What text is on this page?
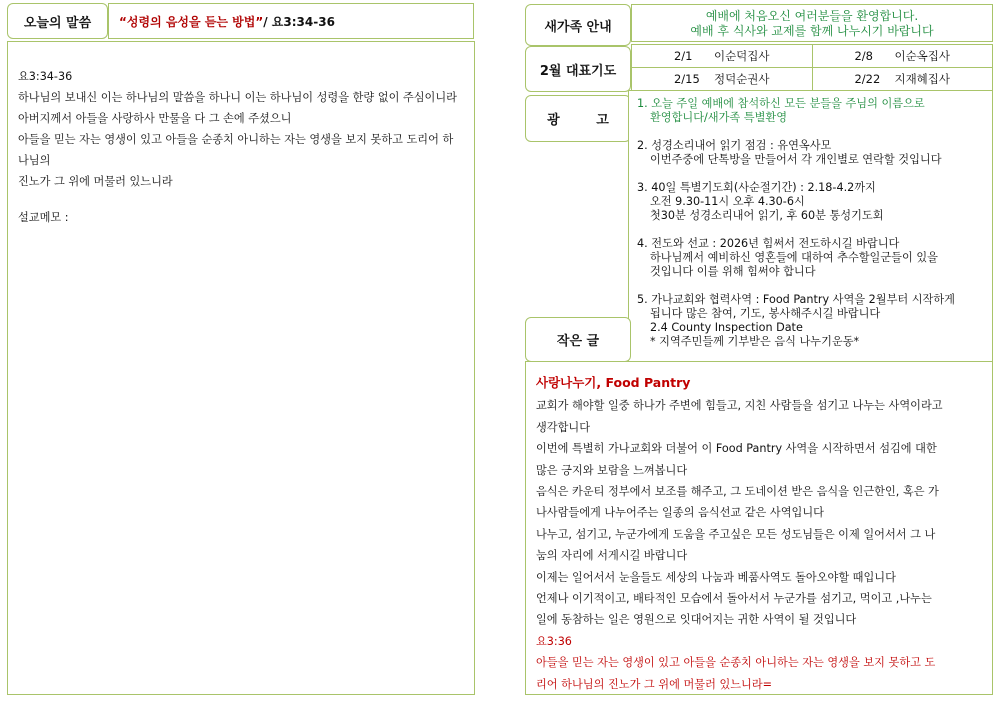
오늘의 말씀 “성령의 음성을 듣는 방법” / 요3:34-36
요3:34-36
하나님의 보내신 이는 하나님의 말씀을 하나니 이는 하나님이 성령을 한량 없이 주심이니라
아버지께서 아들을 사랑하사 만물을 다 그 손에 주셨으니
아들을 믿는 자는 영생이 있고 아들을 순종치 아니하는 자는 영생을 보지 못하고 도리어 하나님의
진노가 그 위에 머물러 있느니라
설교메모 :
새가족 안내
예배에 처음오신 여러분들을 환영합니다.
예배 후 식사와 교제를 함께 나누시기 바랍니다
2월 대표기도
2/1 이순덕집사	2/8 이순옥집사
2/15 정덕순권사	2/22 지재혜집사
광 고
1. 오늘 주일 예배에 참석하신 모든 분들을 주님의 이름으로
환영합니다/새가족 특별환영
2. 성경소리내어 읽기 점검 : 유연옥사모
이번주중에 단톡방을 만들어서 각 개인별로 연락할 것입니다
3. 40일 특별기도회(사순절기간) : 2.18-4.2까지
오전 9.30-11시 오후 4.30-6시
첫30분 성경소리내어 읽기, 후 60분 통성기도회
4. 전도와 선교 : 2026년 힘써서 전도하시길 바랍니다
하나님께서 예비하신 영혼들에 대하여 추수할일군들이 있을
것입니다 이를 위해 힘써야 합니다
5. 가나교회와 협력사역 : Food Pantry 사역을 2월부터 시작하게
됩니다 많은 참여, 기도, 봉사해주시길 바랍니다
2.4 County Inspection Date
* 지역주민들께 기부받은 음식 나누기운동*
작은 글
사랑나누기, Food Pantry
교회가 해야할 일중 하나가 주변에 힘들고, 지친 사람들을 섬기고 나누는 사역이라고
생각합니다
이번에 특별히 가나교회와 더불어 이 Food Pantry 사역을 시작하면서 섬김에 대한
많은 긍지와 보람을 느껴봅니다
음식은 카운티 정부에서 보조를 해주고, 그 도네이션 받은 음식을 인근한인, 혹은 가
나사람들에게 나누어주는 일종의 음식선교 같은 사역입니다
나누고, 섬기고, 누군가에게 도움을 주고싶은 모든 성도님들은 이제 일어서서 그 나
눔의 자리에 서게시길 바랍니다
이제는 일어서서 눈을들도 세상의 나눔과 베품사역도 돌아오야할 때입니다
언제나 이기적이고, 배타적인 모습에서 돌아서서 누군가를 섬기고, 먹이고 ,나누는
일에 동참하는 일은 영원으로 잇대어지는 귀한 사역이 될 것입니다
요3:36
아들을 믿는 자는 영생이 있고 아들을 순종치 아니하는 자는 영생을 보지 못하고 도
리어 하나님의 진노가 그 위에 머물러 있느니라=
